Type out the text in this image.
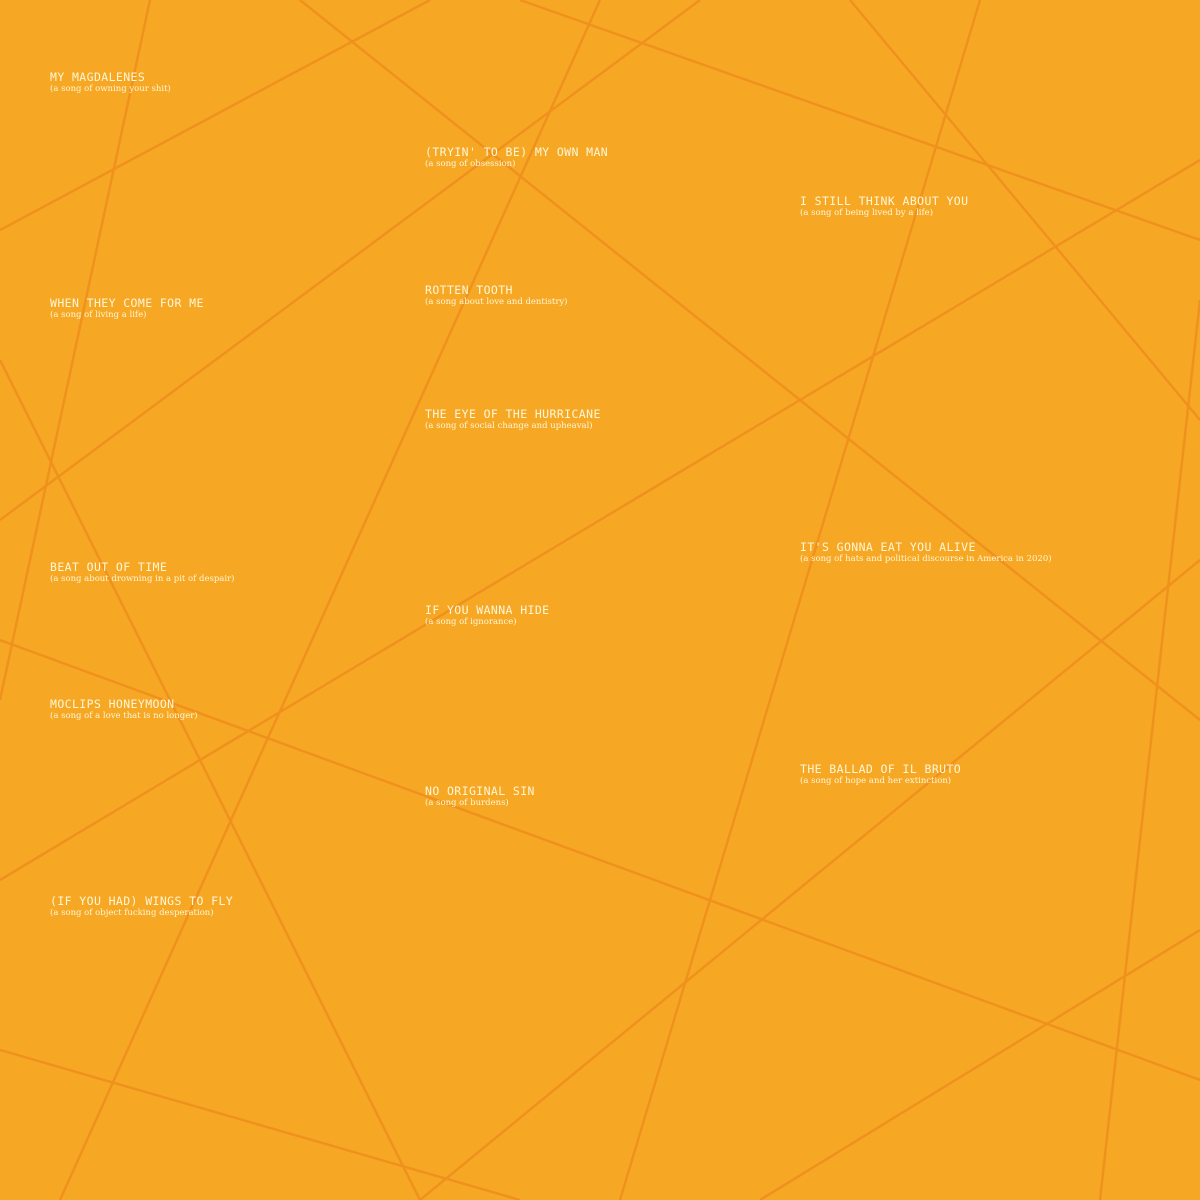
MY MAGDALENES
(a song of owning your shit)

WHEN THEY COME FOR ME
(a song of living a life)

BEAT OUT OF TIME
(a song about drowning in a pit of despair)

MOCLIPS HONEYMOON
(a song of a love that is no longer)

(IF YOU HAD) WINGS TO FLY
(a song of object fucking desperation)

(TRYIN' TO BE) MY OWN MAN
(a song of obsession)

ROTTEN TOOTH
(a song about love and dentistry)

THE EYE OF THE HURRICANE
(a song of social change and upheaval)

IF YOU WANNA HIDE
(a song of ignorance)

NO ORIGINAL SIN
(a song of burdens)

I STILL THINK ABOUT YOU
(a song of being lived by a life)

IT'S GONNA EAT YOU ALIVE
(a song of hats and political discourse in America in 2020)

THE BALLAD OF IL BRUTO
(a song of hope and her extinction)
